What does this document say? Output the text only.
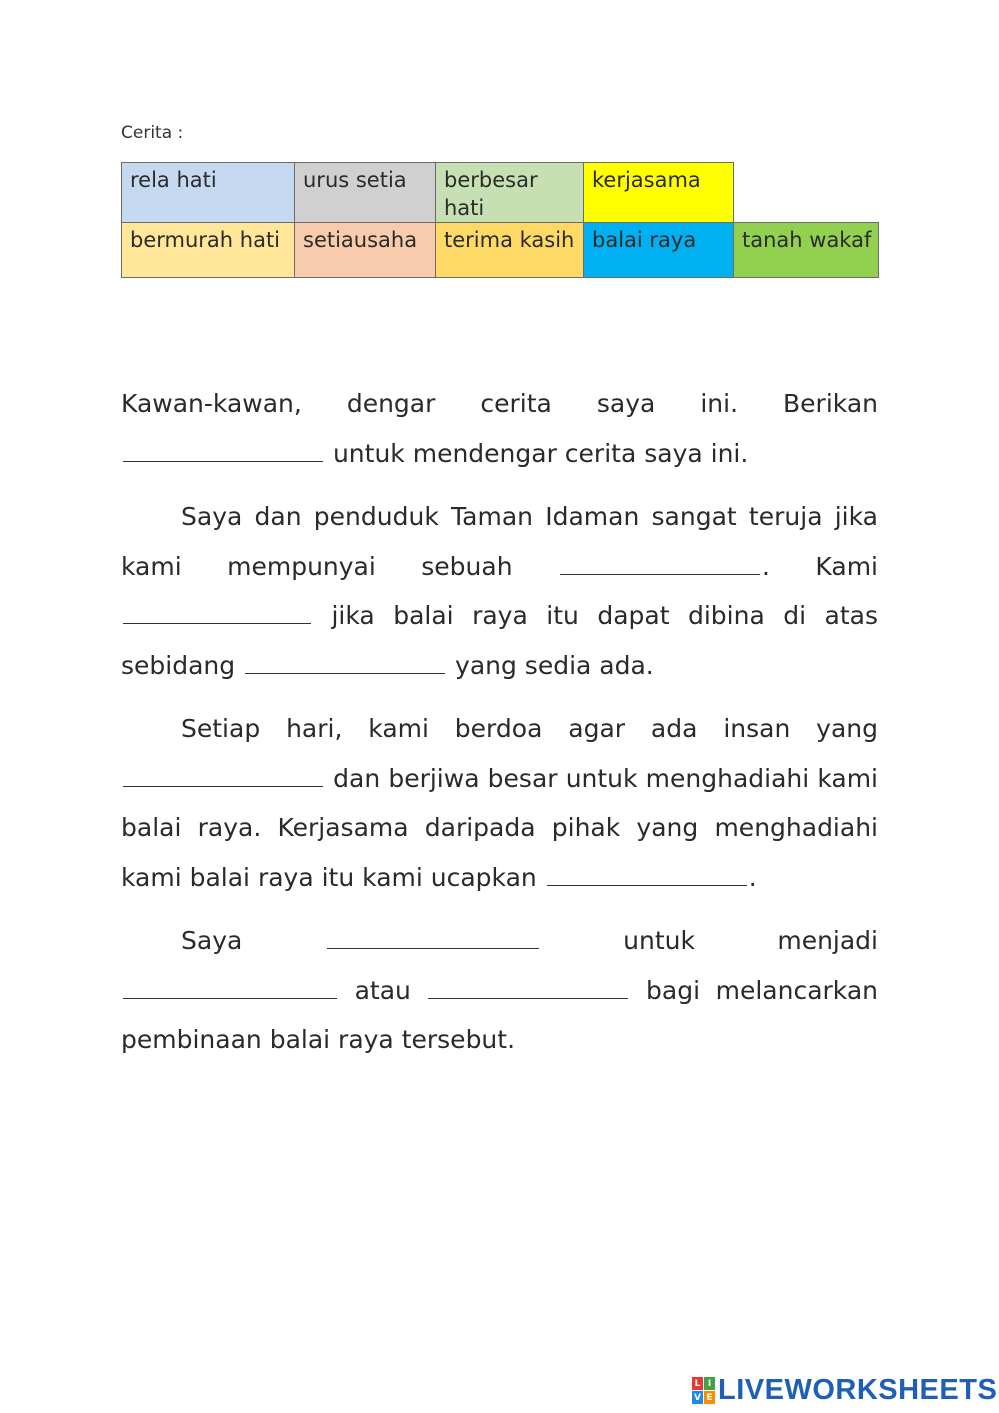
Cerita :
rela hati	urus setia	berbesar hati	kerjasama	
bermurah hati	setiausaha	terima kasih	balai raya	tanah wakaf

Kawan-kawan, dengar cerita saya ini. Berikan  untuk mendengar cerita saya ini.

Saya dan penduduk Taman Idaman sangat teruja jika kami mempunyai sebuah	. Kami  jika balai raya itu dapat dibina di atas sebidang	yang sedia ada.

Setiap hari, kami berdoa agar ada insan yang  dan berjiwa besar untuk menghadiahi kami balai raya. Kerjasama daripada pihak yang menghadiahi kami balai raya itu kami ucapkan	.

Saya	untuk menjadi  atau	bagi melancarkan pembinaan balai raya tersebut.

L I
V E LIVEWORKSHEETS
